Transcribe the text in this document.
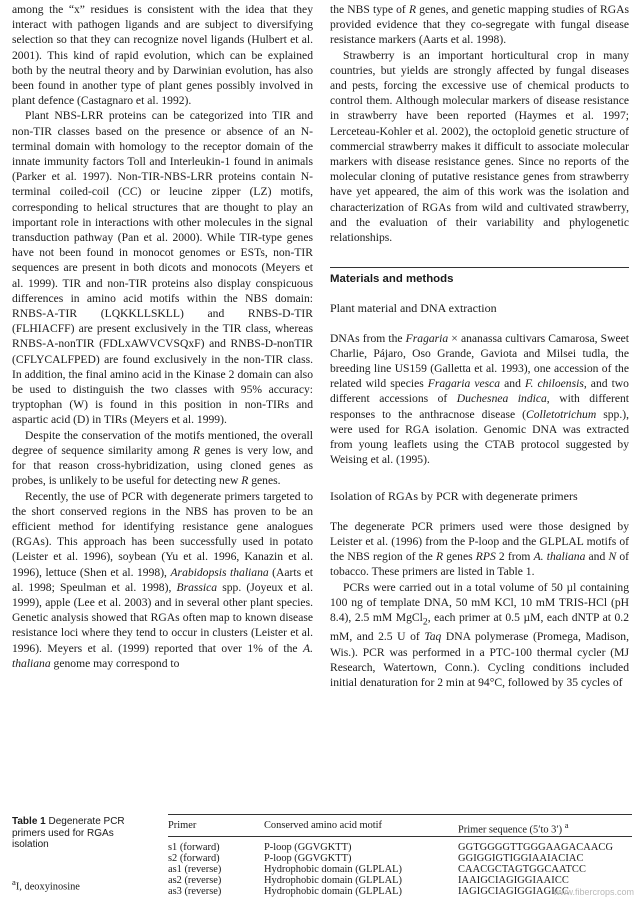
among the “x” residues is consistent with the idea that they interact with pathogen ligands and are subject to diversifying selection so that they can recognize novel ligands (Hulbert et al. 2001). This kind of rapid evolution, which can be explained both by the neutral theory and by Darwinian evolution, has also been found in another type of plant genes possibly involved in plant defence (Castagnaro et al. 1992).

Plant NBS-LRR proteins can be categorized into TIR and non-TIR classes based on the presence or absence of an N-terminal domain with homology to the receptor domain of the innate immunity factors Toll and Interleukin-1 found in animals (Parker et al. 1997). Non-TIR-NBS-LRR proteins contain N-terminal coiled-coil (CC) or leucine zipper (LZ) motifs, corresponding to helical structures that are thought to play an important role in interactions with other molecules in the signal transduction pathway (Pan et al. 2000). While TIR-type genes have not been found in monocot genomes or ESTs, non-TIR sequences are present in both dicots and monocots (Meyers et al. 1999). TIR and non-TIR proteins also display conspicuous differences in amino acid motifs within the NBS domain: RNBS-A-TIR (LQKKLLSKLL) and RNBS-D-TIR (FLHIACFF) are present exclusively in the TIR class, whereas RNBS-A-nonTIR (FDLxAWVCVSQxF) and RNBS-D-nonTIR (CFLYCALFPED) are found exclusively in the non-TIR class. In addition, the final amino acid in the Kinase 2 domain can also be used to distinguish the two classes with 95% accuracy: tryptophan (W) is found in this position in non-TIRs and aspartic acid (D) in TIRs (Meyers et al. 1999).

Despite the conservation of the motifs mentioned, the overall degree of sequence similarity among R genes is very low, and for that reason cross-hybridization, using cloned genes as probes, is unlikely to be useful for detecting new R genes.

Recently, the use of PCR with degenerate primers targeted to the short conserved regions in the NBS has proven to be an efficient method for identifying resistance gene analogues (RGAs). This approach has been successfully used in potato (Leister et al. 1996), soybean (Yu et al. 1996, Kanazin et al. 1996), lettuce (Shen et al. 1998), Arabidopsis thaliana (Aarts et al. 1998; Speulman et al. 1998), Brassica spp. (Joyeux et al. 1999), apple (Lee et al. 2003) and in several other plant species. Genetic analysis showed that RGAs often map to known disease resistance loci where they tend to occur in clusters (Leister et al. 1996). Meyers et al. (1999) reported that over 1% of the A. thaliana genome may correspond to

the NBS type of R genes, and genetic mapping studies of RGAs provided evidence that they co-segregate with fungal disease resistance markers (Aarts et al. 1998).

Strawberry is an important horticultural crop in many countries, but yields are strongly affected by fungal diseases and pests, forcing the excessive use of chemical products to control them. Although molecular markers of disease resistance in strawberry have been reported (Haymes et al. 1997; Lerceteau-Kohler et al. 2002), the octoploid genetic structure of commercial strawberry makes it difficult to associate molecular markers with disease resistance genes. Since no reports of the molecular cloning of putative resistance genes from strawberry have yet appeared, the aim of this work was the isolation and characterization of RGAs from wild and cultivated strawberry, and the evaluation of their variability and phylogenetic relationships.

Materials and methods

Plant material and DNA extraction

DNAs from the Fragaria × ananassa cultivars Camarosa, Sweet Charlie, Pájaro, Oso Grande, Gaviota and Milsei tudla, the breeding line US159 (Galletta et al. 1993), one accession of the related wild species Fragaria vesca and F. chiloensis, and two different accessions of Duchesnea indica, with different responses to the anthracnose disease (Colletotrichum spp.), were used for RGA isolation. Genomic DNA was extracted from young leaflets using the CTAB protocol suggested by Weising et al. (1995).

Isolation of RGAs by PCR with degenerate primers

The degenerate PCR primers used were those designed by Leister et al. (1996) from the P-loop and the GLPLAL motifs of the NBS region of the R genes RPS 2 from A. thaliana and N of tobacco. These primers are listed in Table 1.

PCRs were carried out in a total volume of 50 µl containing 100 ng of template DNA, 50 mM KCl, 10 mM TRIS-HCl (pH 8.4), 2.5 mM MgCl$_2$, each primer at 0.5 µM, each dNTP at 0.2 mM, and 2.5 U of Taq DNA polymerase (Promega, Madison, Wis.). PCR was performed in a PTC-100 thermal cycler (MJ Research, Watertown, Conn.). Cycling conditions included initial denaturation for 2 min at 94°C, followed by 35 cycles of

Table 1 Degenerate PCR primers used for RGAs isolation
$^a$I, deoxyinosine
Primer	Conserved amino acid motif	Primer sequence (5′to 3′) $^a$
s1 (forward)	P-loop (GGVGKTT)	GGTGGGGTTGGGAAGACAACG
s2 (forward)	P-loop (GGVGKTT)	GGIGGIGTIGGIAAIACIAC
as1 (reverse)	Hydrophobic domain (GLPLAL)	CAACGCTAGTGGCAATCC
as2 (reverse)	Hydrophobic domain (GLPLAL)	IAAIGCIAGIGGIAAICC
as3 (reverse)	Hydrophobic domain (GLPLAL)	IAGIGCIAGIGGIAGICC
www.fibercrops.com
